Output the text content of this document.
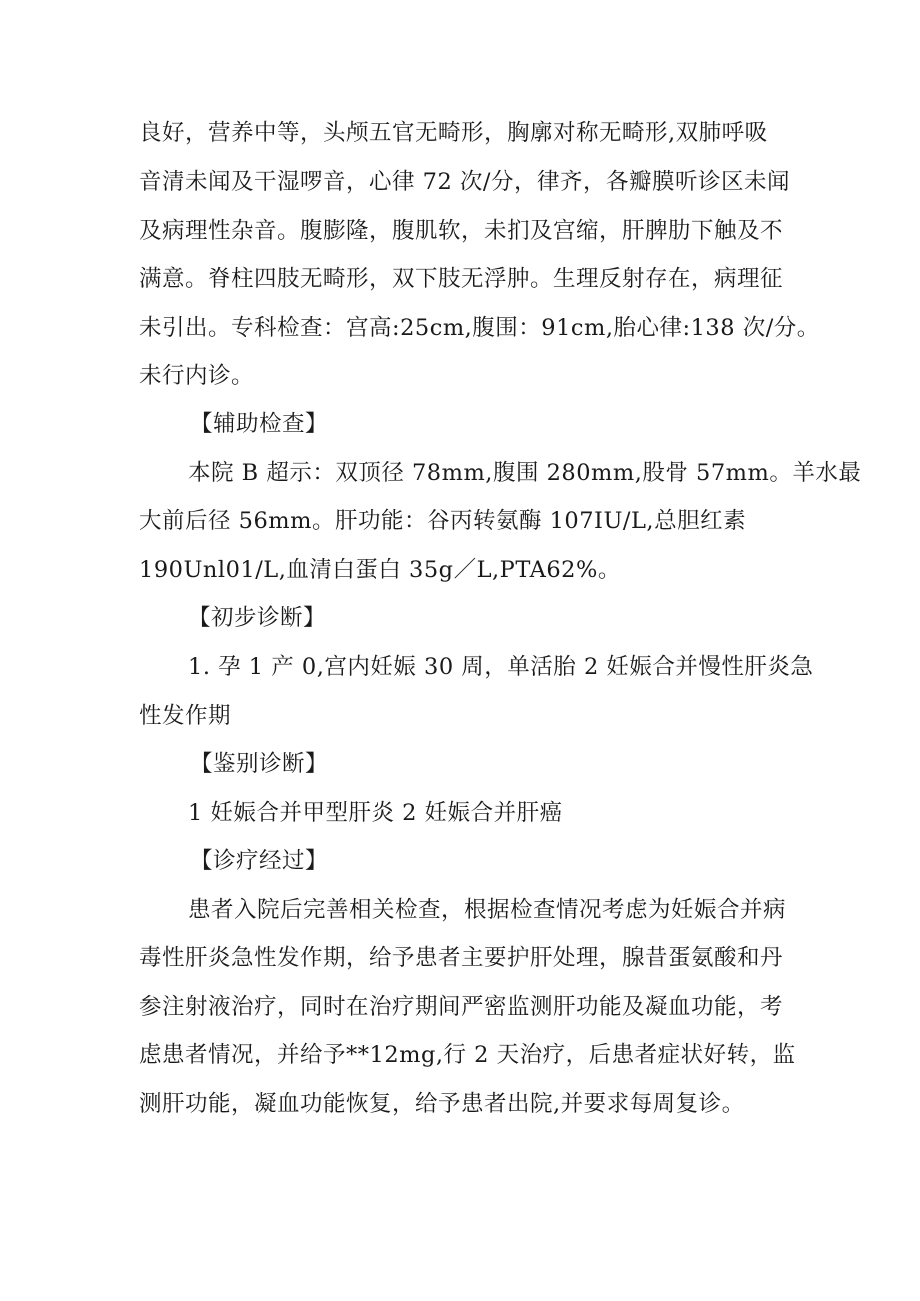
良好，营养中等，头颅五官无畸形，胸廓对称无畸形,双肺呼吸
音清未闻及干湿啰音，心律 72 次/分，律齐，各瓣膜听诊区未闻
及病理性杂音。腹膨隆，腹肌软，未扪及宫缩，肝脾肋下触及不
满意。脊柱四肢无畸形，双下肢无浮肿。生理反射存在，病理征
未引出。专科检查：宫高:25cm,腹围：91cm,胎心律:138 次/分。
未行内诊。
【辅助检查】
本院 B 超示：双顶径 78mm,腹围 280mm,股骨 57mm。羊水最
大前后径 56mm。肝功能：谷丙转氨酶 107IU/L,总胆红素
190Unl01/L,血清白蛋白 35g／L,PTA62%。
【初步诊断】
1. 孕 1 产 0,宫内妊娠 30 周，单活胎 2 妊娠合并慢性肝炎急
性发作期
【鉴别诊断】
1 妊娠合并甲型肝炎 2 妊娠合并肝癌
【诊疗经过】
患者入院后完善相关检查，根据检查情况考虑为妊娠合并病
毒性肝炎急性发作期，给予患者主要护肝处理，腺昔蛋氨酸和丹
参注射液治疗，同时在治疗期间严密监测肝功能及凝血功能，考
虑患者情况，并给予**12mg,行 2 天治疗，后患者症状好转，监
测肝功能，凝血功能恢复，给予患者出院,并要求每周复诊。
